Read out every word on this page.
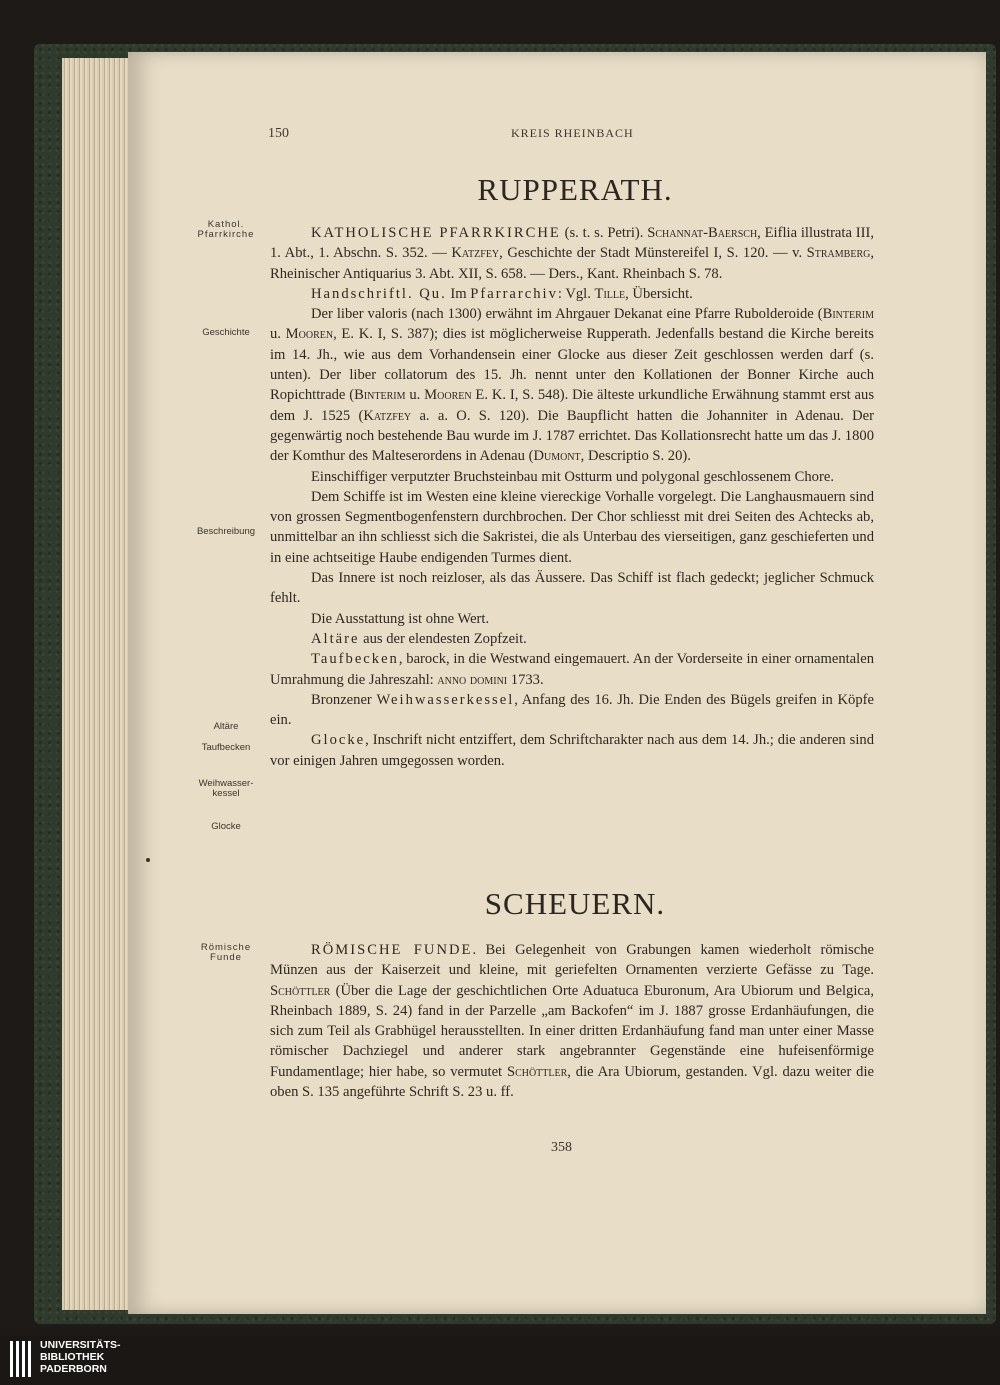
150	KREIS RHEINBACH
RUPPERATH.
Kathol.
Pfarrkirche
Geschichte
Beschreibung
Altäre
Taufbecken
Weihwasser-
kessel
Glocke
Römische
Funde

KATHOLISCHE PFARRKIRCHE (s. t. s. Petri). Schannat-Baersch, Eiflia illustrata III, 1. Abt., 1. Abschn. S. 352. — Katzfey, Geschichte der Stadt Münstereifel I, S. 120. — v. Stramberg, Rheinischer Antiquarius 3. Abt. XII, S. 658. — Ders., Kant. Rheinbach S. 78.

Handschriftl. Qu. Im Pfarrarchiv: Vgl. Tille, Übersicht.

Der liber valoris (nach 1300) erwähnt im Ahrgauer Dekanat eine Pfarre Rubolderoide (Binterim u. Mooren, E. K. I, S. 387); dies ist möglicherweise Rupperath. Jedenfalls bestand die Kirche bereits im 14. Jh., wie aus dem Vorhandensein einer Glocke aus dieser Zeit geschlossen werden darf (s. unten). Der liber collatorum des 15. Jh. nennt unter den Kollationen der Bonner Kirche auch Ropichttrade (Binterim u. Mooren E. K. I, S. 548). Die älteste urkundliche Erwähnung stammt erst aus dem J. 1525 (Katzfey a. a. O. S. 120). Die Baupflicht hatten die Johanniter in Adenau. Der gegenwärtig noch bestehende Bau wurde im J. 1787 errichtet. Das Kollationsrecht hatte um das J. 1800 der Komthur des Malteserordens in Adenau (Dumont, Descriptio S. 20).

Einschiffiger verputzter Bruchsteinbau mit Ostturm und polygonal geschlossenem Chore.

Dem Schiffe ist im Westen eine kleine viereckige Vorhalle vorgelegt. Die Langhausmauern sind von grossen Segmentbogenfenstern durchbrochen. Der Chor schliesst mit drei Seiten des Achtecks ab, unmittelbar an ihn schliesst sich die Sakristei, die als Unterbau des vierseitigen, ganz geschieferten und in eine achtseitige Haube endigenden Turmes dient.

Das Innere ist noch reizloser, als das Äussere. Das Schiff ist flach gedeckt; jeglicher Schmuck fehlt.

Die Ausstattung ist ohne Wert.

Altäre aus der elendesten Zopfzeit.

Taufbecken, barock, in die Westwand eingemauert. An der Vorderseite in einer ornamentalen Umrahmung die Jahreszahl: anno domini 1733.

Bronzener Weihwasserkessel, Anfang des 16. Jh. Die Enden des Bügels greifen in Köpfe ein.

Glocke, Inschrift nicht entziffert, dem Schriftcharakter nach aus dem 14. Jh.; die anderen sind vor einigen Jahren umgegossen worden.

SCHEUERN.

RÖMISCHE FUNDE. Bei Gelegenheit von Grabungen kamen wiederholt römische Münzen aus der Kaiserzeit und kleine, mit geriefelten Ornamenten verzierte Gefässe zu Tage. Schöttler (Über die Lage der geschichtlichen Orte Aduatuca Eburonum, Ara Ubiorum und Belgica, Rheinbach 1889, S. 24) fand in der Parzelle „am Backofen“ im J. 1887 grosse Erdanhäufungen, die sich zum Teil als Grabhügel herausstellten. In einer dritten Erdanhäufung fand man unter einer Masse römischer Dachziegel und anderer stark angebrannter Gegenstände eine hufeisenförmige Fundamentlage; hier habe, so vermutet Schöttler, die Ara Ubiorum, gestanden. Vgl. dazu weiter die oben S. 135 angeführte Schrift S. 23 u. ff.

358
UNIVERSITÄTS-
BIBLIOTHEK
PADERBORN
